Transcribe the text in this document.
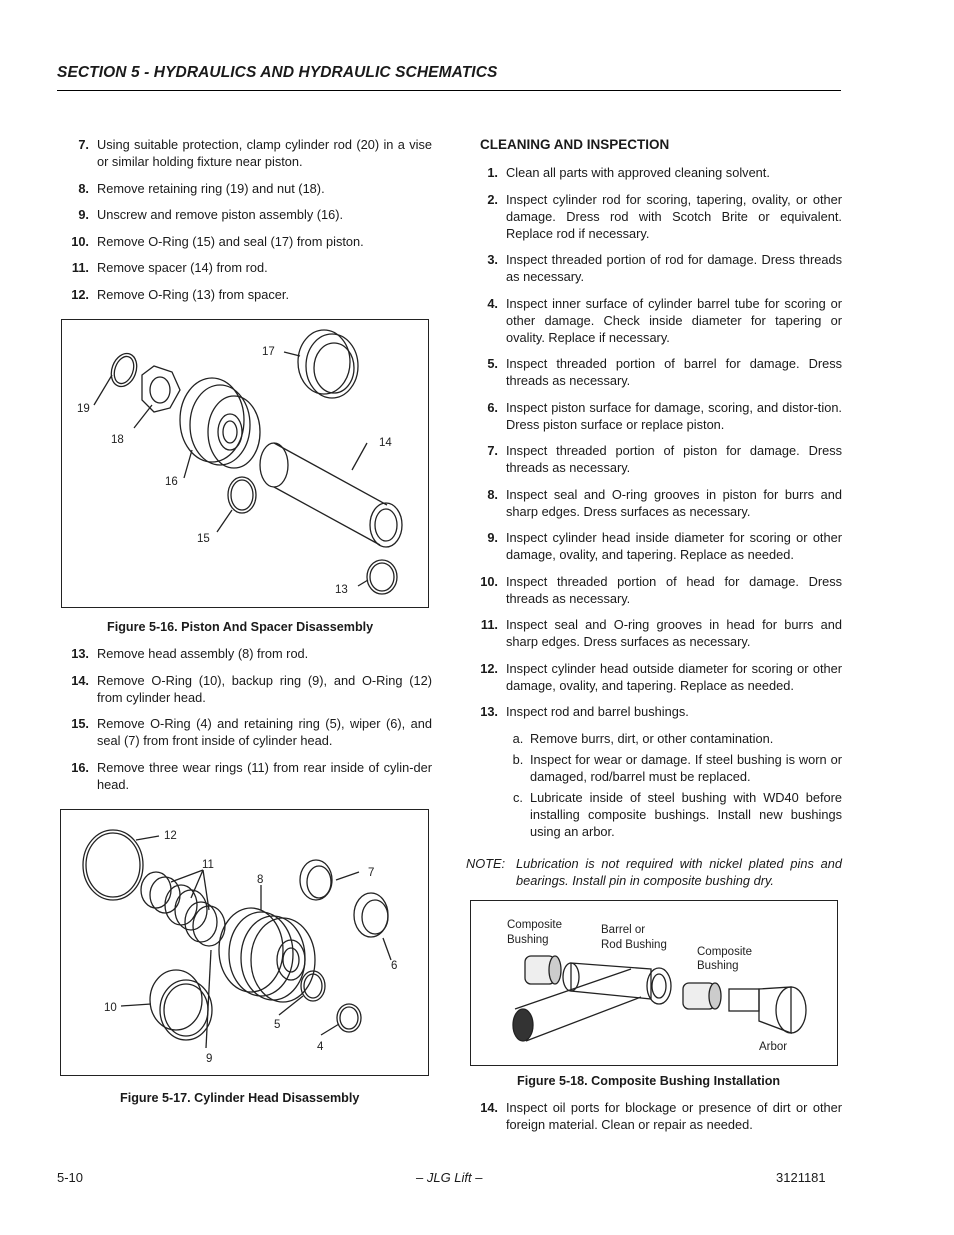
SECTION 5 - HYDRAULICS AND HYDRAULIC SCHEMATICS
7. Using suitable protection, clamp cylinder rod (20) in a vise or similar holding fixture near piston.
8. Remove retaining ring (19) and nut (18).
9. Unscrew and remove piston assembly (16).
10. Remove O-Ring (15) and seal (17) from piston.
11. Remove spacer (14) from rod.
12. Remove O-Ring (13) from spacer.
17
19
18	14
16
15
13
Figure 5-16. Piston And Spacer Disassembly
13. Remove head assembly (8) from rod.
14. Remove O-Ring (10), backup ring (9), and O-Ring (12) from cylinder head.
15. Remove O-Ring (4) and retaining ring (5), wiper (6), and seal (7) from front inside of cylinder head.
16. Remove three wear rings (11) from rear inside of cylin-der head.
12
11
8
7
6
10
5
4
9
Figure 5-17. Cylinder Head Disassembly
CLEANING AND INSPECTION
1. Clean all parts with approved cleaning solvent.
2. Inspect cylinder rod for scoring, tapering, ovality, or other damage. Dress rod with Scotch Brite or equivalent. Replace rod if necessary.
3. Inspect threaded portion of rod for damage. Dress threads as necessary.
4. Inspect inner surface of cylinder barrel tube for scoring or other damage. Check inside diameter for tapering or ovality. Replace if necessary.
5. Inspect threaded portion of barrel for damage. Dress threads as necessary.
6. Inspect piston surface for damage, scoring, and distor-tion. Dress piston surface or replace piston.
7. Inspect threaded portion of piston for damage. Dress threads as necessary.
8. Inspect seal and O-ring grooves in piston for burrs and sharp edges. Dress surfaces as necessary.
9. Inspect cylinder head inside diameter for scoring or other damage, ovality, and tapering. Replace as needed.
10. Inspect threaded portion of head for damage. Dress threads as necessary.
11. Inspect seal and O-ring grooves in head for burrs and sharp edges. Dress surfaces as necessary.
12. Inspect cylinder head outside diameter for scoring or other damage, ovality, and tapering. Replace as needed.
13. Inspect rod and barrel bushings.
a. Remove burrs, dirt, or other contamination.
b. Inspect for wear or damage. If steel bushing is worn or damaged, rod/barrel must be replaced.
c. Lubricate inside of steel bushing with WD40 before installing composite bushings. Install new bushings using an arbor.
NOTE: Lubrication is not required with nickel plated pins and bearings. Install pin in composite bushing dry.
Composite
Bushing
Barrel or
Rod Bushing
Composite
Bushing
Arbor
Figure 5-18. Composite Bushing Installation
14. Inspect oil ports for blockage or presence of dirt or other foreign material. Clean or repair as needed.
5-10	– JLG Lift –	3121181
